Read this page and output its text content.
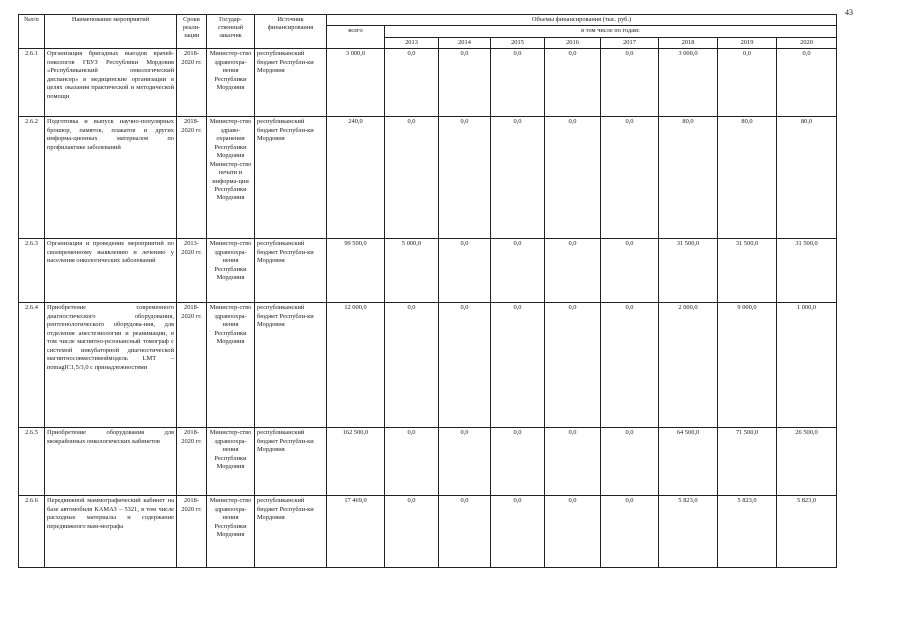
43
№п/п	Наименование мероприятий	Сроки реали-зации	Государ-ственный заказчик	Источник финансирования	Объемы финансирования (тыс. руб.)								
					всего	в том числе по годам:							
						2013	2014	2015	2016	2017	2018	2019	2020
2.6.1	Организация бригадных выездов врачей-онкологов ГБУЗ Республики Мордовия «Республиканский онкологический диспансер» в медицинские организации в целях оказания практической и методической помощи	2018-2020 гг.	Министер-ство здравоохра-нения Республики Мордовия	республиканский бюджет Республи-ки Мордовия	3 000,0	0,0	0,0	0,0	0,0	0,0	3 000,0	0,0	0,0
2.6.2	Подготовка и выпуск научно-популярных брошюр, памяток, плакатов и других информа-ционных материалов по профилактике заболеваний	2018-2020 гг.	Министер-ство здраво-охранения Республики Мордовия Министер-ство печати и информа-ции Республики Мордовия	республиканский бюджет Республи-ки Мордовия	240,0	0,0	0,0	0,0	0,0	0,0	80,0	80,0	80,0
2.6.3	Организация и проведение мероприятий по своевременному выявлению и лечению у населения онкологических заболеваний	2013-2020 гг.	Министер-ство здравоохра-нения Республики Мордовия	республиканский бюджет Республи-ки Мордовия	99 500,0	5 000,0	0,0	0,0	0,0	0,0	31 500,0	31 500,0	31 500,0
2.6.4	Приобретение современного диагностического оборудования, рентгенологического оборудова-ния, для отделения анестезиологии и реанимации, в том числе магнитно-резонансный томограф с системой инкубаторной диагностической магнитносовместимоймодель LMT – nomagIC1,5/3,0 с принадлежностями	2018-2020 гг.	Министер-ство здравоохра-нения Республики Мордовия	республиканский бюджет Республи-ки Мордовия	12 000,0	0,0	0,0	0,0	0,0	0,0	2 000,0	9 000,0	1 000,0
2.6.5	Приобретение оборудования для межрайонных онкологических кабинетов	2018-2020 гг.	Министер-ство здравоохра-нения Республики Мордовия	республиканский бюджет Республи-ки Мордовия	162 500,0	0,0	0,0	0,0	0,0	0,0	64 500,0	71 500,0	26 500,0
2.6.6	Передвижной маммографический кабинет на базе автомобиля КАМАЗ – 5321, в том числе расходные материалы и содержание передвижного мам-мографа	2018-2020 гг.	Министер-ство здравоохра-нения Республики Мордовия	республиканский бюджет Республи-ки Мордовия	17 469,0	0,0	0,0	0,0	0,0	0,0	5 823,0	5 823,0	5 823,0
